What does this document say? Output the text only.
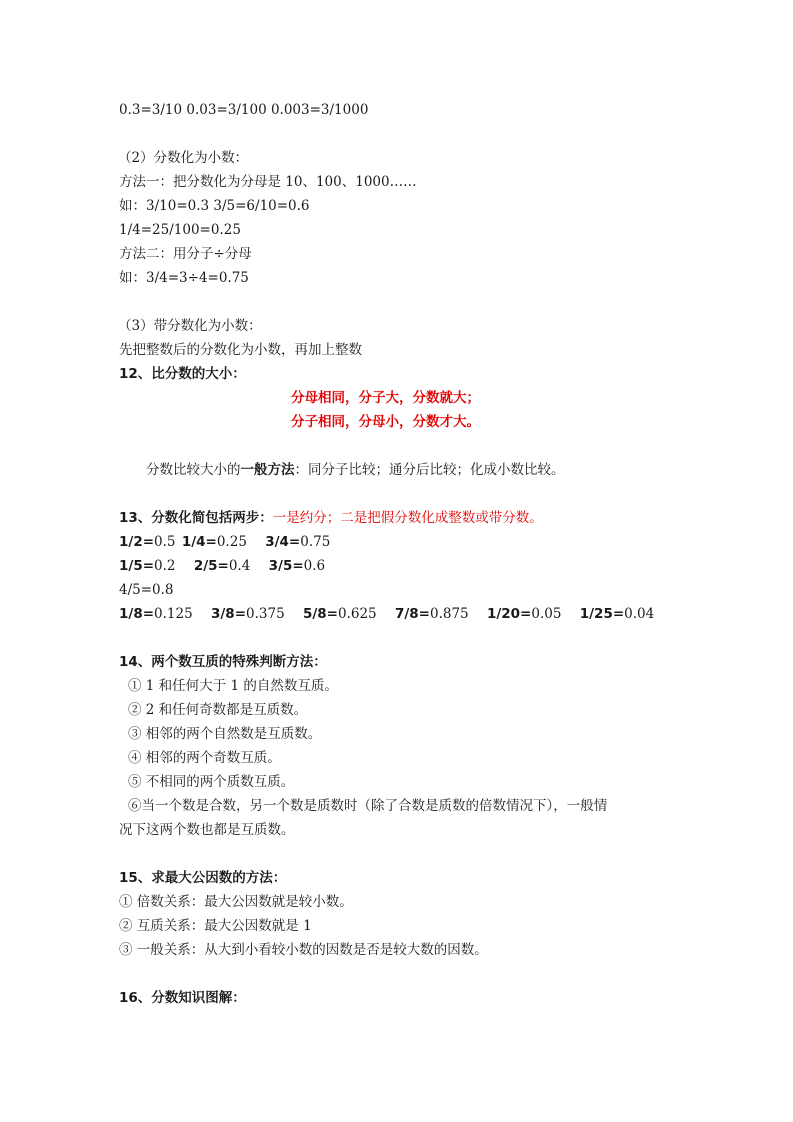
0.3=3/10 0.03=3/100 0.003=3/1000
（2）分数化为小数：
方法一：把分数化为分母是 10、100、1000……
如：3/10=0.3 3/5=6/10=0.6
1/4=25/100=0.25
方法二：用分子÷分母
如：3/4=3÷4=0.75
（3）带分数化为小数：
先把整数后的分数化为小数，再加上整数
12、比分数的大小：
分母相同，分子大，分数就大；
分子相同，分母小，分数才大。
分数比较大小的一般方法：同分子比较；通分后比较；化成小数比较。
13、分数化简包括两步：一是约分；二是把假分数化成整数或带分数。
1/2=0.5 1/4=0.25 3/4=0.75
1/5=0.2 2/5=0.4 3/5=0.6
4/5=0.8
1/8=0.125 3/8=0.375 5/8=0.625 7/8=0.875 1/20=0.05 1/25=0.04
14、两个数互质的特殊判断方法：
① 1 和任何大于 1 的自然数互质。
② 2 和任何奇数都是互质数。
③ 相邻的两个自然数是互质数。
④ 相邻的两个奇数互质。
⑤ 不相同的两个质数互质。
⑥当一个数是合数，另一个数是质数时（除了合数是质数的倍数情况下），一般情
况下这两个数也都是互质数。
15、求最大公因数的方法：
① 倍数关系：最大公因数就是较小数。
② 互质关系：最大公因数就是 1
③ 一般关系：从大到小看较小数的因数是否是较大数的因数。
16、分数知识图解：
